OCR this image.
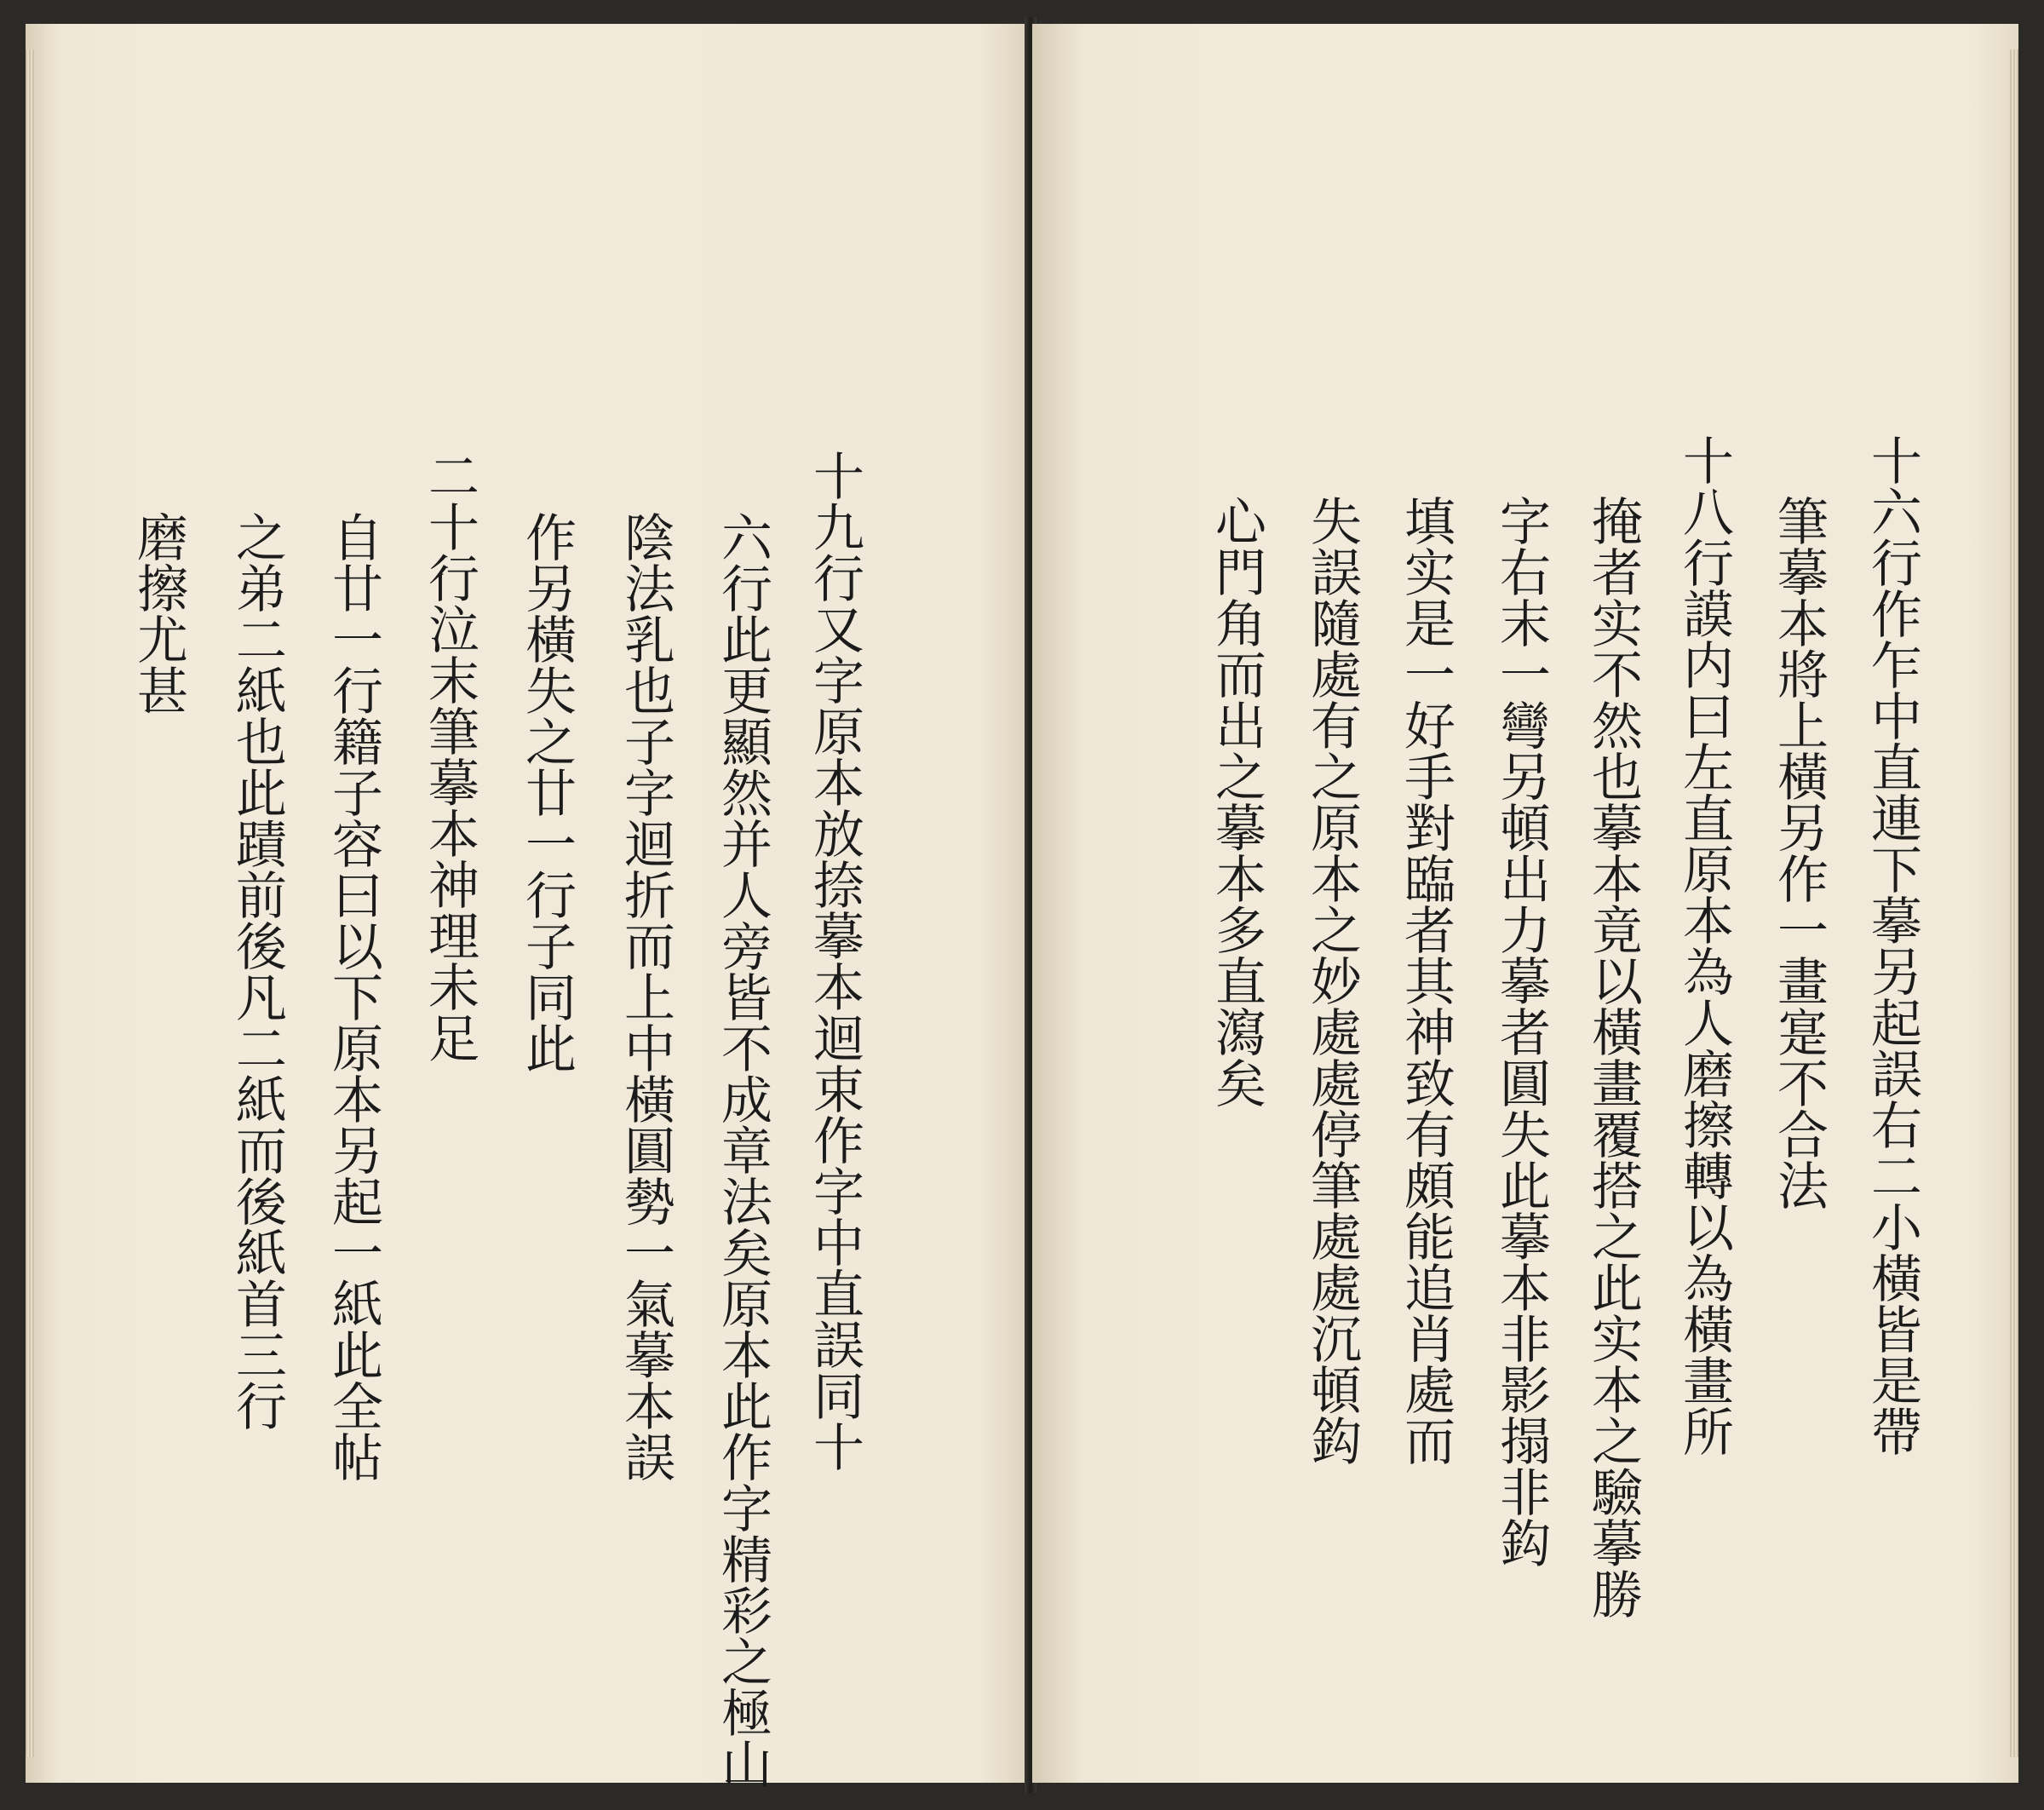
十九行又字原本放捺摹本迴束作字中直誤同十
六行此更顯然并人旁皆不成章法矣原本此作字精彩之極山
陰法乳也子字迴折而上中橫圓勢一氣摹本誤
作另橫失之廿一行子同此
二十行泣末筆摹本神理未足
自廿一行籍子容曰以下原本另起一紙此全帖
之弟二紙也此蹟前後凡二紙而後紙首三行
磨擦尤甚	十六行作乍中直連下摹另起誤右二小橫皆是帶
筆摹本將上橫另作一畫寔不合法
十八行謨内曰左直原本為人磨擦轉以為橫畫所
掩者实不然也摹本竟以橫畫覆搭之此实本之驗摹勝
字右末一彎另頓出力摹者圓失此摹本非影搨非鈎
填实是一好手對臨者其神致有頗能追肖處而
失誤隨處有之原本之妙處處停筆處處沉頓鈎
心門角而出之摹本多直瀉矣
